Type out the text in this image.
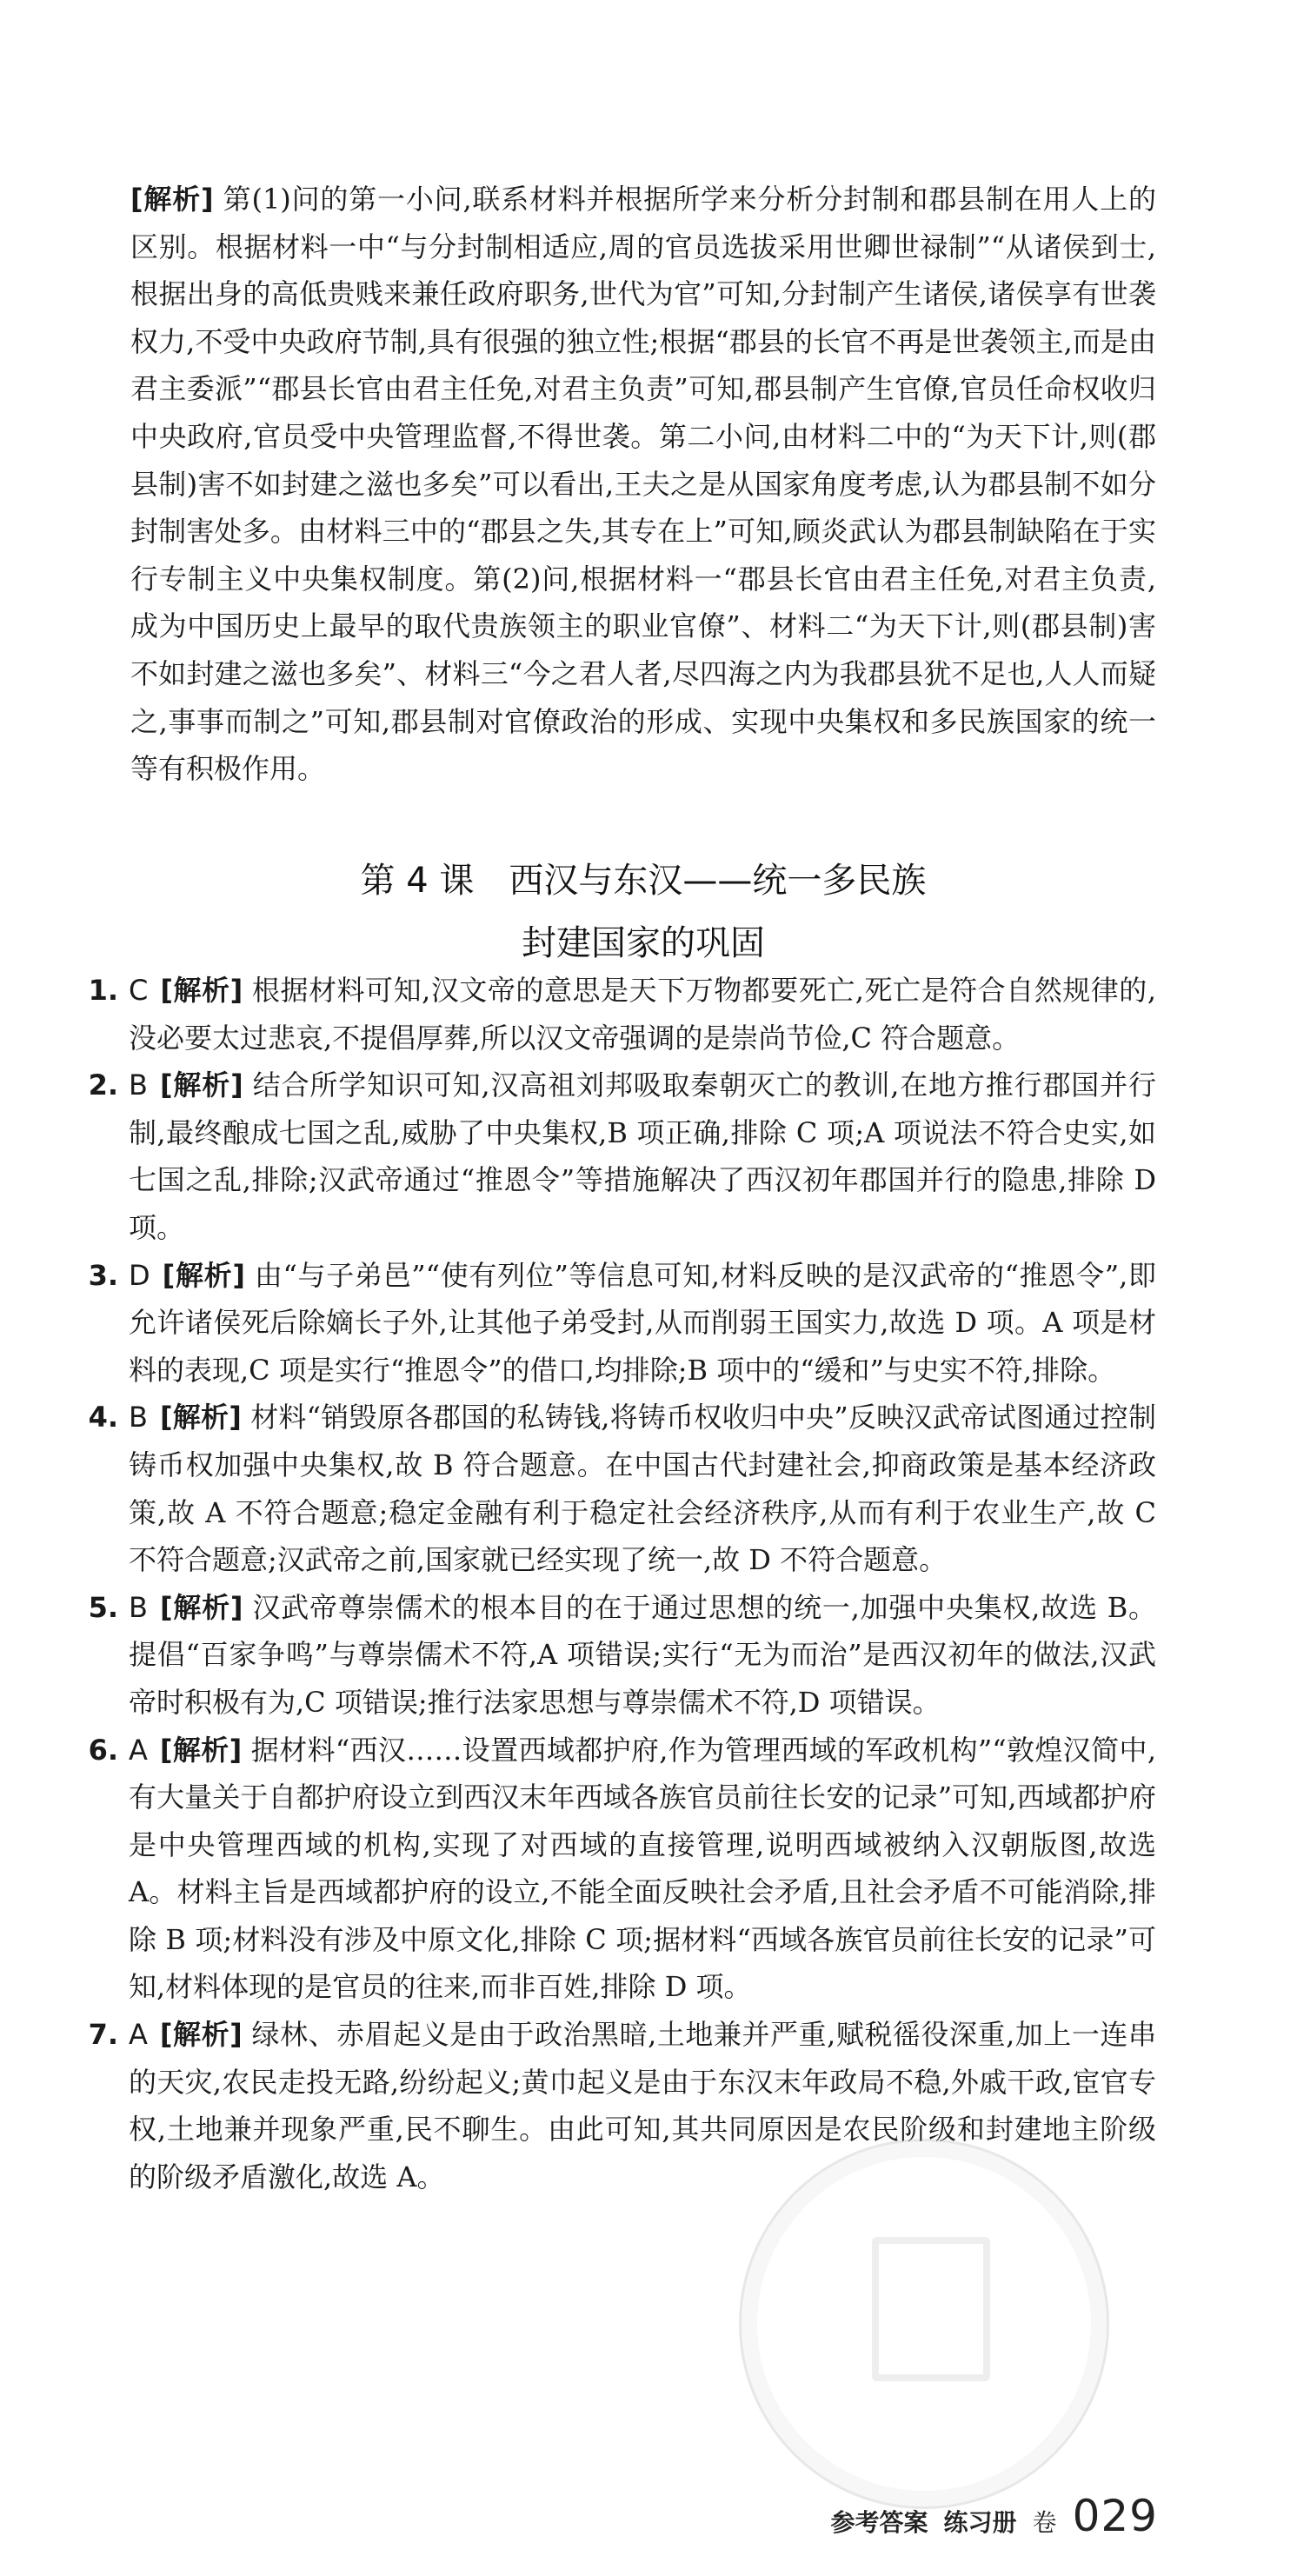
[解析] 第(1)问的第一小问,联系材料并根据所学来分析分封制和郡县制在用人上的区别。根据材料一中“与分封制相适应,周的官员选拔采用世卿世禄制”“从诸侯到士,根据出身的高低贵贱来兼任政府职务,世代为官”可知,分封制产生诸侯,诸侯享有世袭权力,不受中央政府节制,具有很强的独立性;根据“郡县的长官不再是世袭领主,而是由君主委派”“郡县长官由君主任免,对君主负责”可知,郡县制产生官僚,官员任命权收归中央政府,官员受中央管理监督,不得世袭。第二小问,由材料二中的“为天下计,则(郡县制)害不如封建之滋也多矣”可以看出,王夫之是从国家角度考虑,认为郡县制不如分封制害处多。由材料三中的“郡县之失,其专在上”可知,顾炎武认为郡县制缺陷在于实行专制主义中央集权制度。第(2)问,根据材料一“郡县长官由君主任免,对君主负责,成为中国历史上最早的取代贵族领主的职业官僚”、材料二“为天下计,则(郡县制)害不如封建之滋也多矣”、材料三“今之君人者,尽四海之内为我郡县犹不足也,人人而疑之,事事而制之”可知,郡县制对官僚政治的形成、实现中央集权和多民族国家的统一等有积极作用。

第 4 课　西汉与东汉——统一多民族
封建国家的巩固

1. C [解析] 根据材料可知,汉文帝的意思是天下万物都要死亡,死亡是符合自然规律的,没必要太过悲哀,不提倡厚葬,所以汉文帝强调的是崇尚节俭,C 符合题意。

2. B [解析] 结合所学知识可知,汉高祖刘邦吸取秦朝灭亡的教训,在地方推行郡国并行制,最终酿成七国之乱,威胁了中央集权,B 项正确,排除 C 项;A 项说法不符合史实,如七国之乱,排除;汉武帝通过“推恩令”等措施解决了西汉初年郡国并行的隐患,排除 D 项。

3. D [解析] 由“与子弟邑”“使有列位”等信息可知,材料反映的是汉武帝的“推恩令”,即允许诸侯死后除嫡长子外,让其他子弟受封,从而削弱王国实力,故选 D 项。A 项是材料的表现,C 项是实行“推恩令”的借口,均排除;B 项中的“缓和”与史实不符,排除。

4. B [解析] 材料“销毁原各郡国的私铸钱,将铸币权收归中央”反映汉武帝试图通过控制铸币权加强中央集权,故 B 符合题意。在中国古代封建社会,抑商政策是基本经济政策,故 A 不符合题意;稳定金融有利于稳定社会经济秩序,从而有利于农业生产,故 C 不符合题意;汉武帝之前,国家就已经实现了统一,故 D 不符合题意。

5. B [解析] 汉武帝尊崇儒术的根本目的在于通过思想的统一,加强中央集权,故选 B。提倡“百家争鸣”与尊崇儒术不符,A 项错误;实行“无为而治”是西汉初年的做法,汉武帝时积极有为,C 项错误;推行法家思想与尊崇儒术不符,D 项错误。

6. A [解析] 据材料“西汉……设置西域都护府,作为管理西域的军政机构”“敦煌汉简中,有大量关于自都护府设立到西汉末年西域各族官员前往长安的记录”可知,西域都护府是中央管理西域的机构,实现了对西域的直接管理,说明西域被纳入汉朝版图,故选 A。材料主旨是西域都护府的设立,不能全面反映社会矛盾,且社会矛盾不可能消除,排除 B 项;材料没有涉及中原文化,排除 C 项;据材料“西域各族官员前往长安的记录”可知,材料体现的是官员的往来,而非百姓,排除 D 项。

7. A [解析] 绿林、赤眉起义是由于政治黑暗,土地兼并严重,赋税徭役深重,加上一连串的天灾,农民走投无路,纷纷起义;黄巾起义是由于东汉末年政局不稳,外戚干政,宦官专权,土地兼并现象严重,民不聊生。由此可知,其共同原因是农民阶级和封建地主阶级的阶级矛盾激化,故选 A。

参考答案 练习册 卷 029
